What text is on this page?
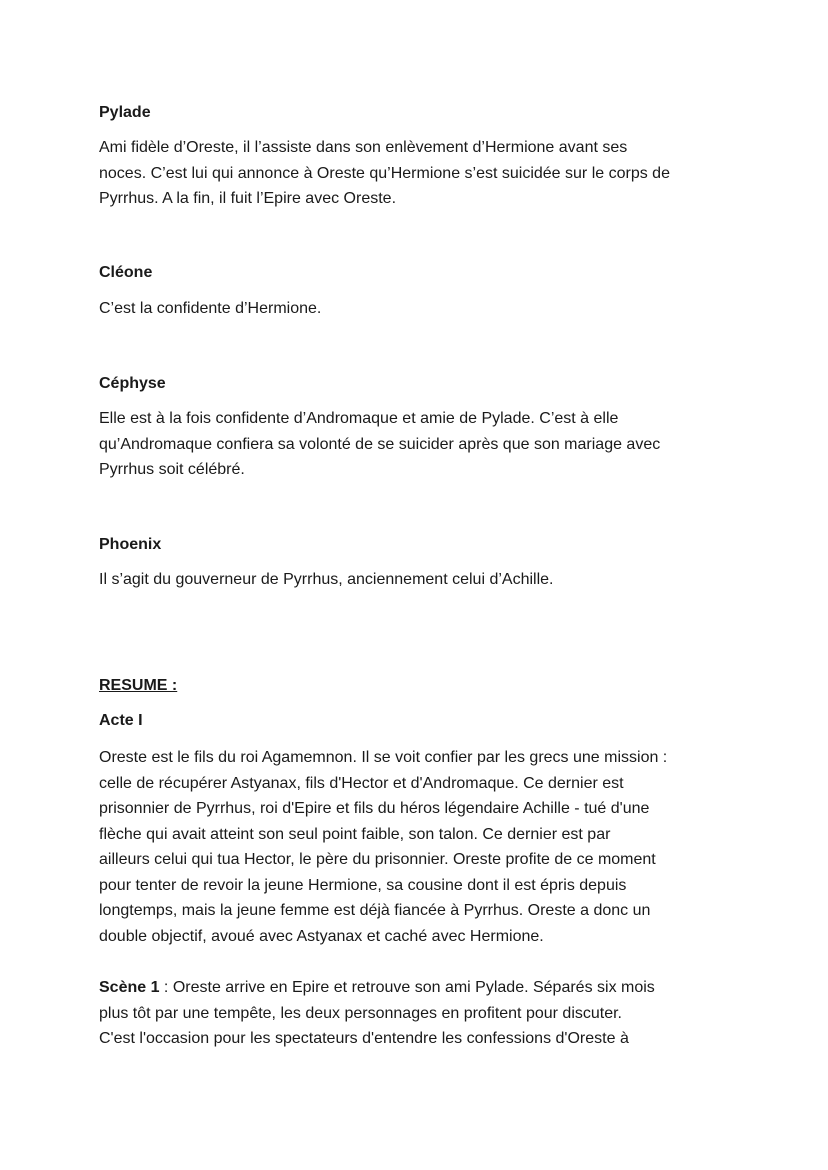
Pylade
Ami fidèle d’Oreste, il l’assiste dans son enlèvement d’Hermione avant ses
noces. C’est lui qui annonce à Oreste qu’Hermione s’est suicidée sur le corps de
Pyrrhus. A la fin, il fuit l’Epire avec Oreste.
Cléone
C’est la confidente d’Hermione.
Céphyse
Elle est à la fois confidente d’Andromaque et amie de Pylade. C’est à elle
qu’Andromaque confiera sa volonté de se suicider après que son mariage avec
Pyrrhus soit célébré.
Phoenix
Il s’agit du gouverneur de Pyrrhus, anciennement celui d’Achille.
RESUME :
Acte I
Oreste est le fils du roi Agamemnon. Il se voit confier par les grecs une mission :
celle de récupérer Astyanax, fils d'Hector et d'Andromaque. Ce dernier est
prisonnier de Pyrrhus, roi d'Epire et fils du héros légendaire Achille - tué d'une
flèche qui avait atteint son seul point faible, son talon. Ce dernier est par
ailleurs celui qui tua Hector, le père du prisonnier. Oreste profite de ce moment
pour tenter de revoir la jeune Hermione, sa cousine dont il est épris depuis
longtemps, mais la jeune femme est déjà fiancée à Pyrrhus. Oreste a donc un
double objectif, avoué avec Astyanax et caché avec Hermione.
Scène 1 : Oreste arrive en Epire et retrouve son ami Pylade. Séparés six mois
plus tôt par une tempête, les deux personnages en profitent pour discuter.
C'est l'occasion pour les spectateurs d'entendre les confessions d'Oreste à
